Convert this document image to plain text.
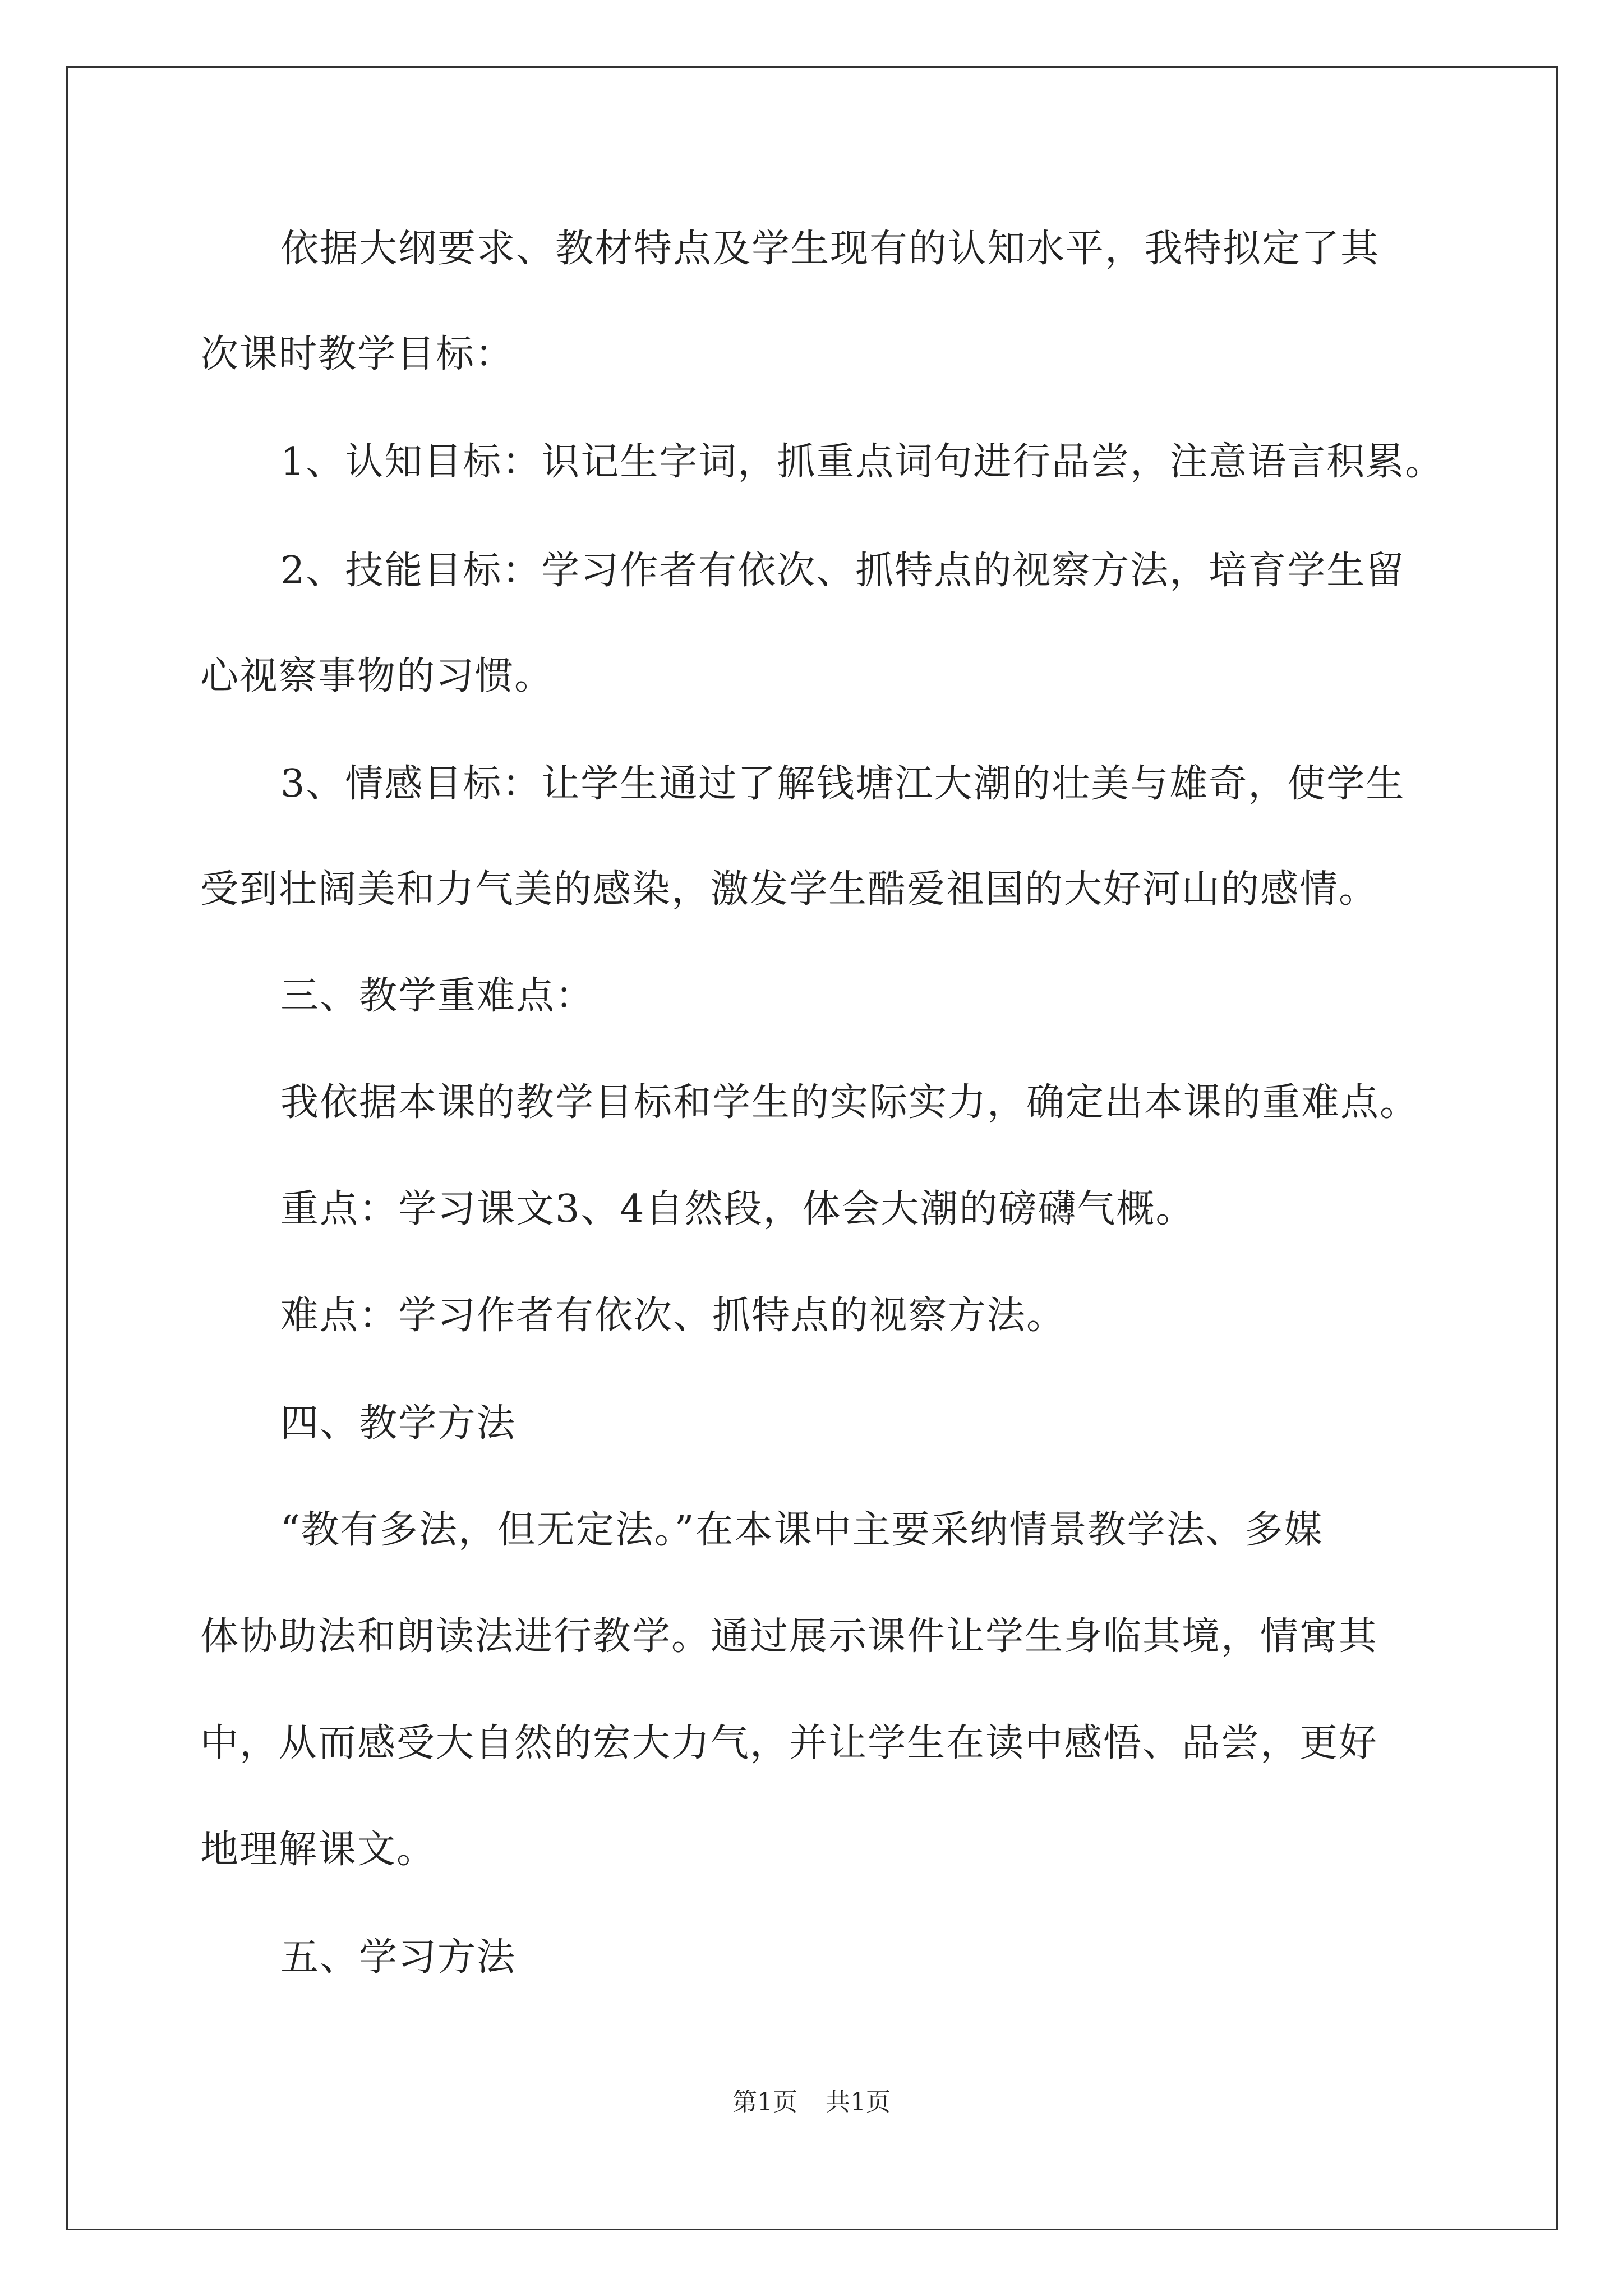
依据大纲要求、教材特点及学生现有的认知水平，我特拟定了其
次课时教学目标：
1、认知目标：识记生字词，抓重点词句进行品尝，注意语言积累。
2、技能目标：学习作者有依次、抓特点的视察方法，培育学生留
心视察事物的习惯。
3、情感目标：让学生通过了解钱塘江大潮的壮美与雄奇，使学生
受到壮阔美和力气美的感染，激发学生酷爱祖国的大好河山的感情。
三、教学重难点：
我依据本课的教学目标和学生的实际实力，确定出本课的重难点。
重点：学习课文3、4自然段，体会大潮的磅礴气概。
难点：学习作者有依次、抓特点的视察方法。
四、教学方法
“教有多法，但无定法。”在本课中主要采纳情景教学法、多媒
体协助法和朗读法进行教学。通过展示课件让学生身临其境，情寓其
中，从而感受大自然的宏大力气，并让学生在读中感悟、品尝，更好
地理解课文。
五、学习方法
第1页 共1页
